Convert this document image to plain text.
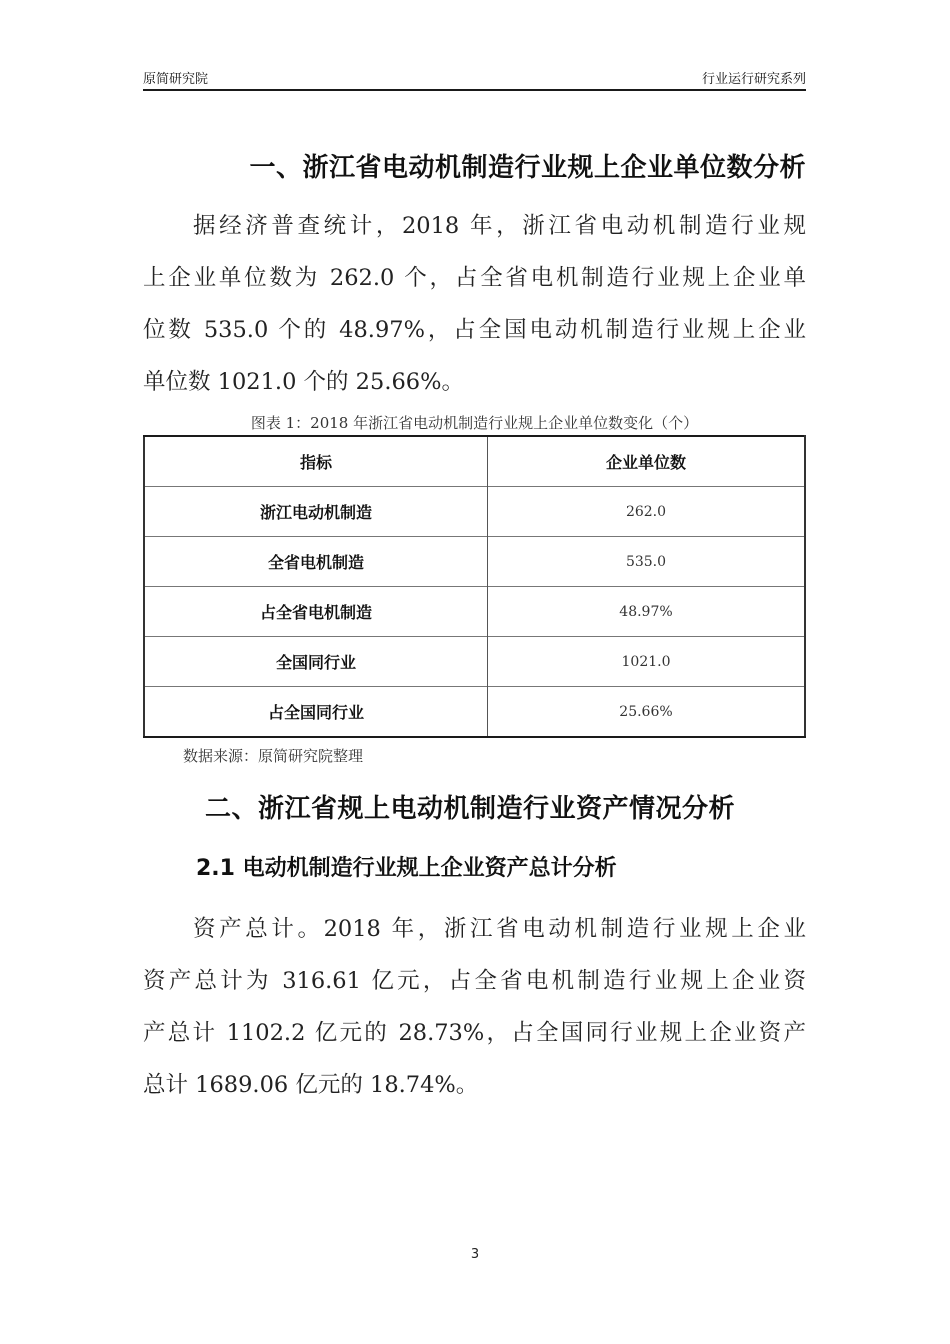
原简研究院	行业运行研究系列
一、浙江省电动机制造行业规上企业单位数分析
据经济普查统计，2018 年，浙江省电动机制造行业规
上企业单位数为 262.0 个，占全省电机制造行业规上企业单
位数 535.0 个的 48.97%，占全国电动机制造行业规上企业
单位数 1021.0 个的 25.66%。
图表 1：2018 年浙江省电动机制造行业规上企业单位数变化（个）
指标	企业单位数
浙江电动机制造	262.0
全省电机制造	535.0
占全省电机制造	48.97%
全国同行业	1021.0
占全国同行业	25.66%
数据来源：原简研究院整理
二、浙江省规上电动机制造行业资产情况分析
2.1 电动机制造行业规上企业资产总计分析
资产总计。2018 年，浙江省电动机制造行业规上企业
资产总计为 316.61 亿元，占全省电机制造行业规上企业资
产总计 1102.2 亿元的 28.73%，占全国同行业规上企业资产
总计 1689.06 亿元的 18.74%。
3
